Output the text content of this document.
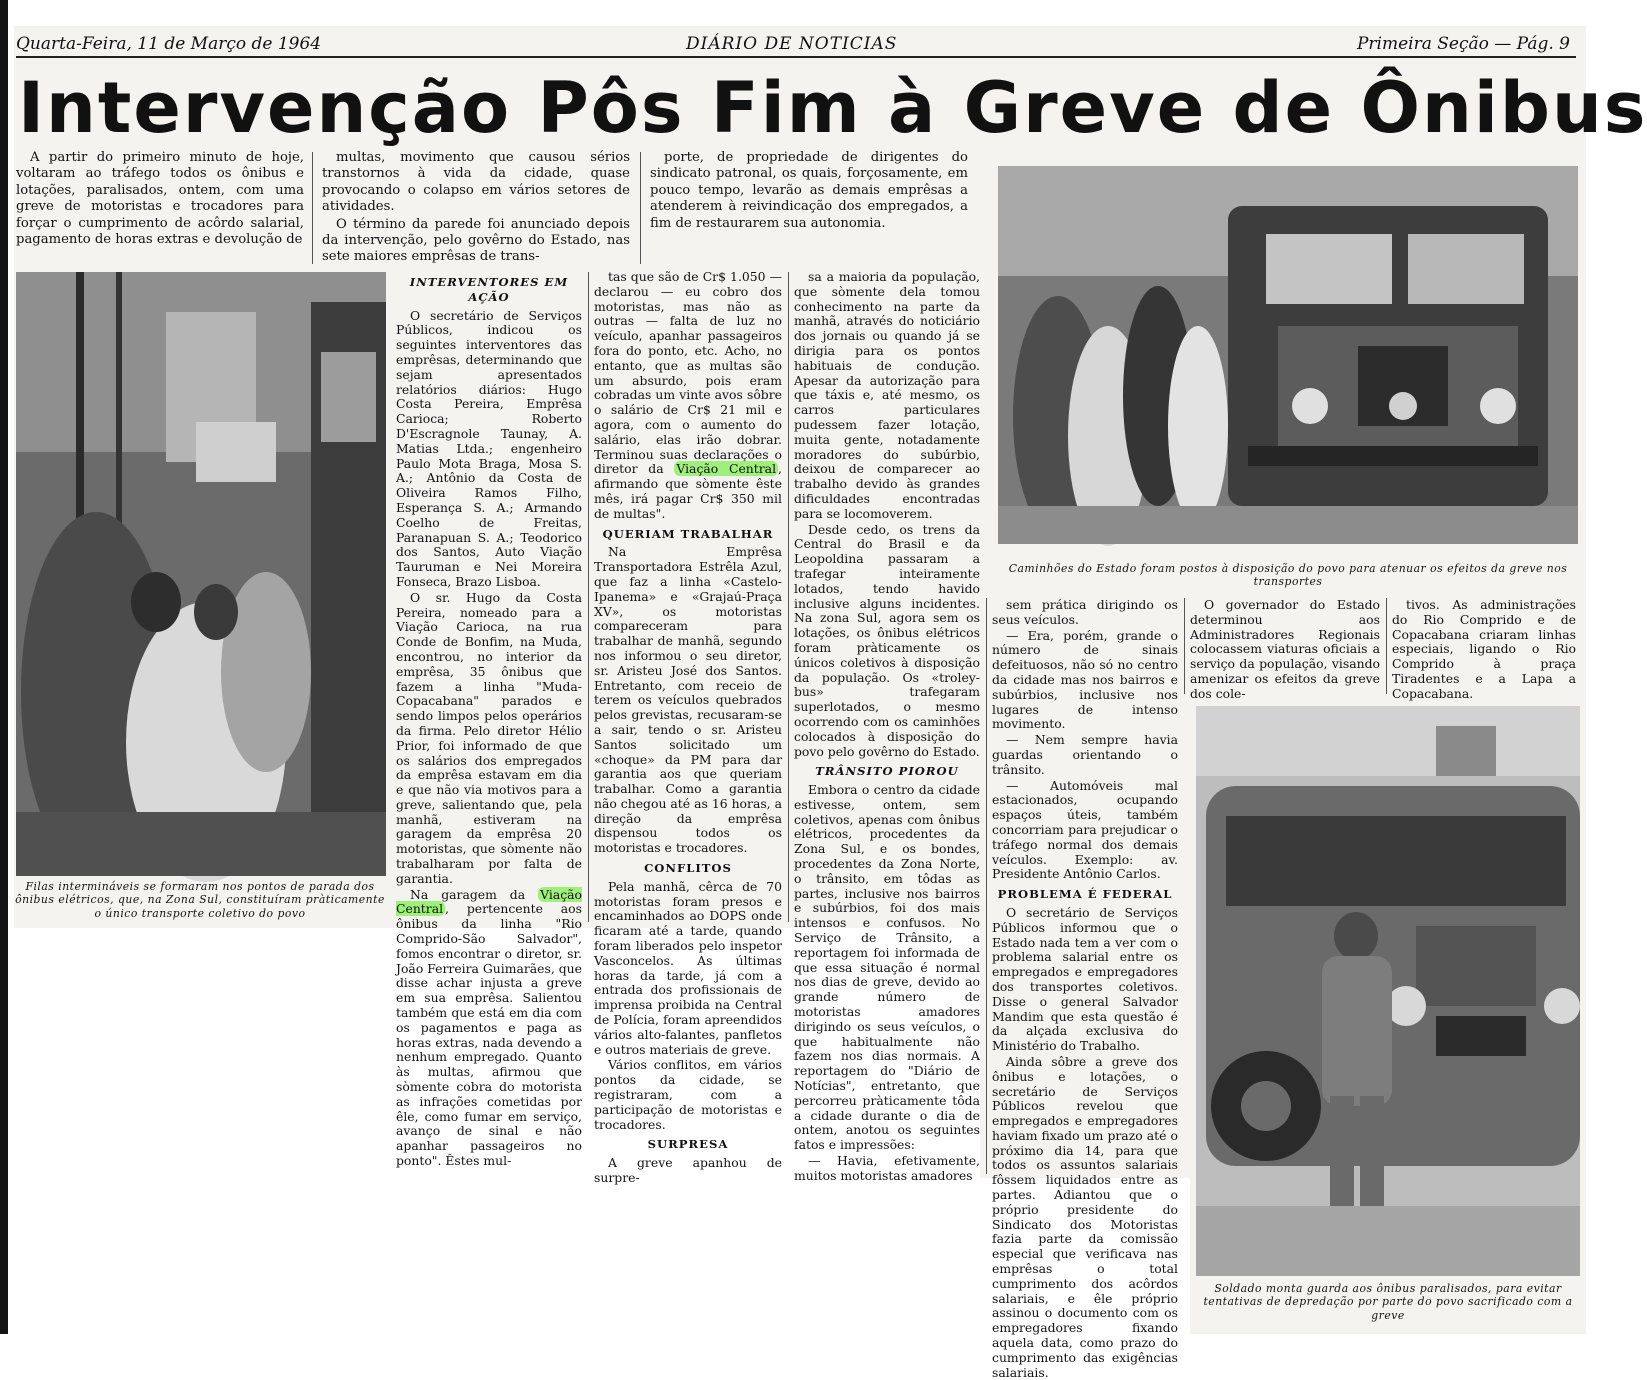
Quarta-Feira, 11 de Março de 1964	DIÁRIO DE NOTICIAS	Primeira Seção — Pág. 9
Intervenção Pôs Fim à Greve de Ônibus

A partir do primeiro minuto de hoje, voltaram ao tráfego todos os ônibus e lotações, paralisados, ontem, com uma greve de motoristas e trocadores para forçar o cumprimento de acôrdo salarial, pagamento de horas extras e devolução de

multas, movimento que causou sérios transtornos à vida da cidade, quase provocando o colapso em vários setores de atividades.

O término da parede foi anunciado depois da intervenção, pelo govêrno do Estado, nas sete maiores emprêsas de trans-

porte, de propriedade de dirigentes do sindicato patronal, os quais, forçosamente, em pouco tempo, levarão as demais emprêsas a atenderem à reivindicação dos empregados, a fim de restaurarem sua autonomia.

Filas intermináveis se formaram nos pontos de parada dos ônibus elétricos, que, na Zona Sul, constituíram pràticamente o único transporte coletivo do povo
INTERVENTORES EM AÇÃO

O secretário de Serviços Públicos, indicou os seguintes interventores das emprêsas, determinando que sejam apresentados relatórios diários: Hugo Costa Pereira, Emprêsa Carioca; Roberto D'Escragnole Taunay, A. Matias Ltda.; engenheiro Paulo Mota Braga, Mosa S. A.; Antônio da Costa de Oliveira Ramos Filho, Esperança S. A.; Armando Coelho de Freitas, Paranapuan S. A.; Teodorico dos Santos, Auto Viação Tauruman e Nei Moreira Fonseca, Brazo Lisboa.

O sr. Hugo da Costa Pereira, nomeado para a Viação Carioca, na rua Conde de Bonfim, na Muda, encontrou, no interior da emprêsa, 35 ônibus que fazem a linha "Muda-Copacabana" parados e sendo limpos pelos operários da firma. Pelo diretor Hélio Prior, foi informado de que os salários dos empregados da emprêsa estavam em dia e que não via motivos para a greve, salientando que, pela manhã, estiveram na garagem da emprêsa 20 motoristas, que sòmente não trabalharam por falta de garantia.

Na garagem da Viação Central , pertencente aos ônibus da linha "Rio Comprido-São Salvador", fomos encontrar o diretor, sr. João Ferreira Guimarães, que disse achar injusta a greve em sua emprêsa. Salientou também que está em dia com os pagamentos e paga as horas extras, nada devendo a nenhum empregado. Quanto às multas, afirmou que sòmente cobra do motorista as infrações cometidas por êle, como fumar em serviço, avanço de sinal e não apanhar passageiros no ponto". Êstes mul-

tas que são de Cr$ 1.050 — declarou — eu cobro dos motoristas, mas não as outras — falta de luz no veículo, apanhar passageiros fora do ponto, etc. Acho, no entanto, que as multas são um absurdo, pois eram cobradas um vinte avos sôbre o salário de Cr$ 21 mil e agora, com o aumento do salário, elas irão dobrar. Terminou suas declarações o diretor da Viação Central , afirmando que sòmente êste mês, irá pagar Cr$ 350 mil de multas".

QUERIAM TRABALHAR

Na Emprêsa Transportadora Estrêla Azul, que faz a linha «Castelo-Ipanema» e «Grajaú-Praça XV», os motoristas compareceram para trabalhar de manhã, segundo nos informou o seu diretor, sr. Aristeu José dos Santos. Entretanto, com receio de terem os veículos quebrados pelos grevistas, recusaram-se a sair, tendo o sr. Aristeu Santos solicitado um «choque» da PM para dar garantia aos que queriam trabalhar. Como a garantia não chegou até as 16 horas, a direção da emprêsa dispensou todos os motoristas e trocadores.

CONFLITOS

Pela manhã, cêrca de 70 motoristas foram presos e encaminhados ao DOPS onde ficaram até a tarde, quando foram liberados pelo inspetor Vasconcelos. As últimas horas da tarde, já com a entrada dos profissionais de imprensa proibida na Central de Polícia, foram apreendidos vários alto-falantes, panfletos e outros materiais de greve.

Vários conflitos, em vários pontos da cidade, se registraram, com a participação de motoristas e trocadores.

SURPRESA

A greve apanhou de surpre-

sa a maioria da população, que sòmente dela tomou conhecimento na parte da manhã, através do noticiário dos jornais ou quando já se dirigia para os pontos habituais de condução. Apesar da autorização para que táxis e, até mesmo, os carros particulares pudessem fazer lotação, muita gente, notadamente moradores do subúrbio, deixou de comparecer ao trabalho devido às grandes dificuldades encontradas para se locomoverem.

Desde cedo, os trens da Central do Brasil e da Leopoldina passaram a trafegar inteiramente lotados, tendo havido inclusive alguns incidentes. Na zona Sul, agora sem os lotações, os ônibus elétricos foram pràticamente os únicos coletivos à disposição da população. Os «troley-bus» trafegaram superlotados, o mesmo ocorrendo com os caminhões colocados à disposição do povo pelo govêrno do Estado.

TRÂNSITO PIOROU

Embora o centro da cidade estivesse, ontem, sem coletivos, apenas com ônibus elétricos, procedentes da Zona Sul, e os bondes, procedentes da Zona Norte, o trânsito, em tôdas as partes, inclusive nos bairros e subúrbios, foi dos mais intensos e confusos. No Serviço de Trânsito, a reportagem foi informada de que essa situação é normal nos dias de greve, devido ao grande número de motoristas amadores dirigindo os seus veículos, o que habitualmente não fazem nos dias normais. A reportagem do "Diário de Notícias", entretanto, que percorreu pràticamente tôda a cidade durante o dia de ontem, anotou os seguintes fatos e impressões:

— Havia, efetivamente, muitos motoristas amadores

sem prática dirigindo os seus veículos.

— Era, porém, grande o número de sinais defeituosos, não só no centro da cidade mas nos bairros e subúrbios, inclusive nos lugares de intenso movimento.

— Nem sempre havia guardas orientando o trânsito.

— Automóveis mal estacionados, ocupando espaços úteis, também concorriam para prejudicar o tráfego normal dos demais veículos. Exemplo: av. Presidente Antônio Carlos.

PROBLEMA É FEDERAL

O secretário de Serviços Públicos informou que o Estado nada tem a ver com o problema salarial entre os empregados e empregadores dos transportes coletivos. Disse o general Salvador Mandim que esta questão é da alçada exclusiva do Ministério do Trabalho.

Ainda sôbre a greve dos ônibus e lotações, o secretário de Serviços Públicos revelou que empregados e empregadores haviam fixado um prazo até o próximo dia 14, para que todos os assuntos salariais fôssem liquidados entre as partes. Adiantou que o próprio presidente do Sindicato dos Motoristas fazia parte da comissão especial que verificava nas emprêsas o total cumprimento dos acôrdos salariais, e êle próprio assinou o documento com os empregadores fixando aquela data, como prazo do cumprimento das exigências salariais.

O governador do Estado determinou aos Administradores Regionais colocassem viaturas oficiais a serviço da população, visando amenizar os efeitos da greve dos cole-

tivos. As administrações do Rio Comprido e de Copacabana criaram linhas especiais, ligando o Rio Comprido à praça Tiradentes e a Lapa a Copacabana.

Caminhões do Estado foram postos à disposição do povo para atenuar os efeitos da greve nos transportes
Soldado monta guarda aos ônibus paralisados, para evitar tentativas de depredação por parte do povo sacrificado com a greve
